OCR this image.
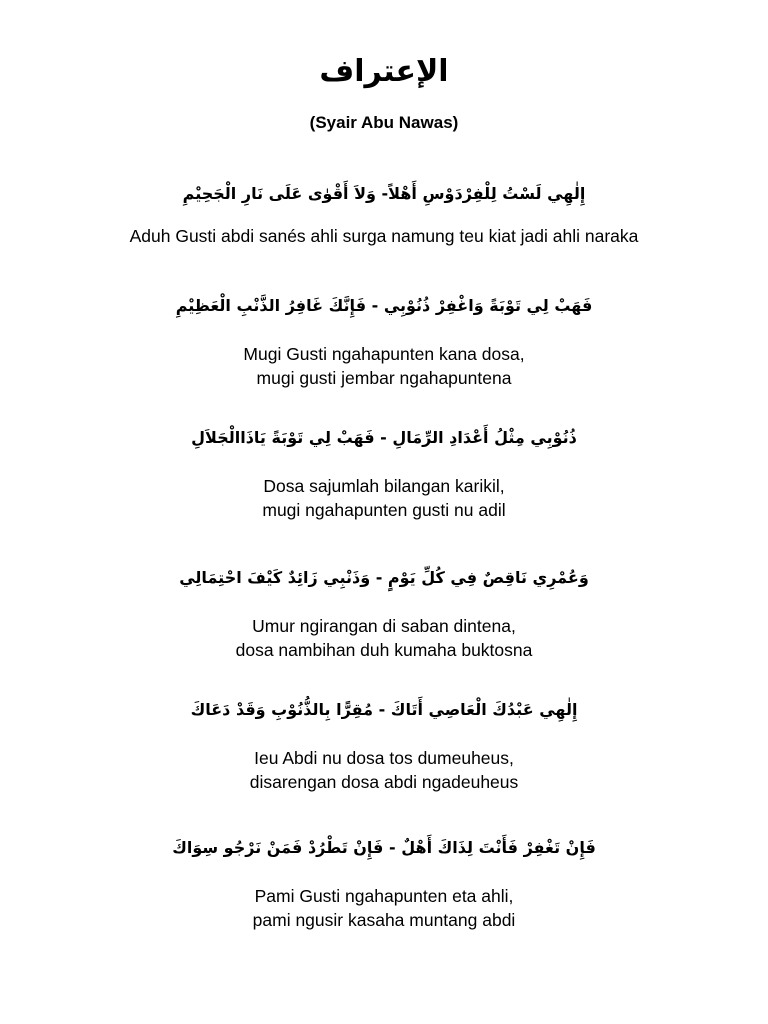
الإعتراف
(Syair Abu Nawas)
إِلٰهِي لَسْتُ لِلْفِرْدَوْسِ أَهْلاً- وَلاَ أَقْوٰى عَلَى نَارِ الْجَحِيْمِ
Aduh Gusti abdi sanés ahli surga namung teu kiat jadi ahli naraka
فَهَبْ لِي تَوْبَةً وَاغْفِرْ ذُنُوْبِي - فَإِنَّكَ غَافِرُ الذَّنْبِ الْعَظِيْمِ
Mugi Gusti ngahapunten kana dosa,
mugi gusti jembar ngahapuntena
ذُنُوْبِي مِثْلُ أَعْدَادِ الرِّمَالِ - فَهَبْ لِي تَوْبَةً يَاذَاالْجَلاَلِ
Dosa sajumlah bilangan karikil,
mugi ngahapunten gusti nu adil
وَعُمْرِي نَاقِصٌ فِي كُلِّ يَوْمٍ - وَذَنْبِي زَائِدٌ كَيْفَ احْتِمَالِي
Umur ngirangan di saban dintena,
dosa nambihan duh kumaha buktosna
إِلٰهِي عَبْدُكَ الْعَاصِي أَتَاكَ - مُقِرًّا بِالذُّنُوْبِ وَقَدْ دَعَاكَ
Ieu Abdi nu dosa tos dumeuheus,
disarengan dosa abdi ngadeuheus
فَإِنْ تَغْفِرْ فَأَنْتَ لِذَاكَ أَهْلٌ - فَإِنْ تَطْرُدْ فَمَنْ نَرْجُو سِوَاكَ
Pami Gusti ngahapunten eta ahli,
pami ngusir kasaha muntang abdi
